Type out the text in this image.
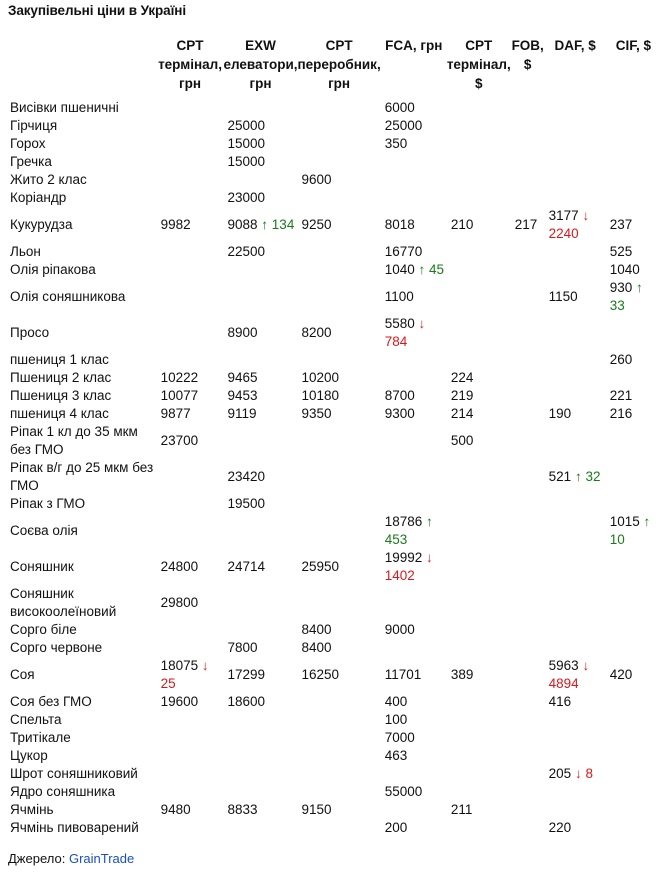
Закупівельні ціни в Україні
	CPT термінал, грн	EXW елеватори, грн	CPT переробник, грн	FCA, грн	CPT термінал, $	FOB, $	DAF, $	CIF, $
Висівки пшеничні				6000				
Гірчиця		25000		25000				
Горох		15000		350				
Гречка		15000						
Жито 2 клас			9600					
Коріандр		23000						
Кукурудза	9982	9088 ↑ 134	9250	8018	210	217	3177 ↓ 2240	237
Льон		22500		16770				525
Олія ріпакова				1040 ↑ 45				1040
Олія соняшникова				1100			1150	930 ↑ 33
Просо		8900	8200	5580 ↓ 784				
пшениця 1 клас								260
Пшениця 2 клас	10222	9465	10200		224			
Пшениця 3 клас	10077	9453	10180	8700	219			221
пшениця 4 клас	9877	9119	9350	9300	214		190	216
Ріпак 1 кл до 35 мкм без ГМО	23700				500			
Ріпак в/г до 25 мкм без ГМО		23420					521 ↑ 32	
Ріпак з ГМО		19500						
Соєва олія				18786 ↑ 453				1015 ↑ 10
Соняшник	24800	24714	25950	19992 ↓ 1402				
Соняшник високоолеїновий	29800							
Сорго біле			8400	9000				
Сорго червоне		7800	8400					
Соя	18075 ↓ 25	17299	16250	11701	389		5963 ↓ 4894	420
Соя без ГМО	19600	18600		400			416	
Спельта				100				
Тритікале				7000				
Цукор				463				
Шрот соняшниковий							205 ↓ 8	
Ядро соняшника				55000				
Ячмінь	9480	8833	9150		211			
Ячмінь пивоварений				200			220	
Джерело: GrainTrade
